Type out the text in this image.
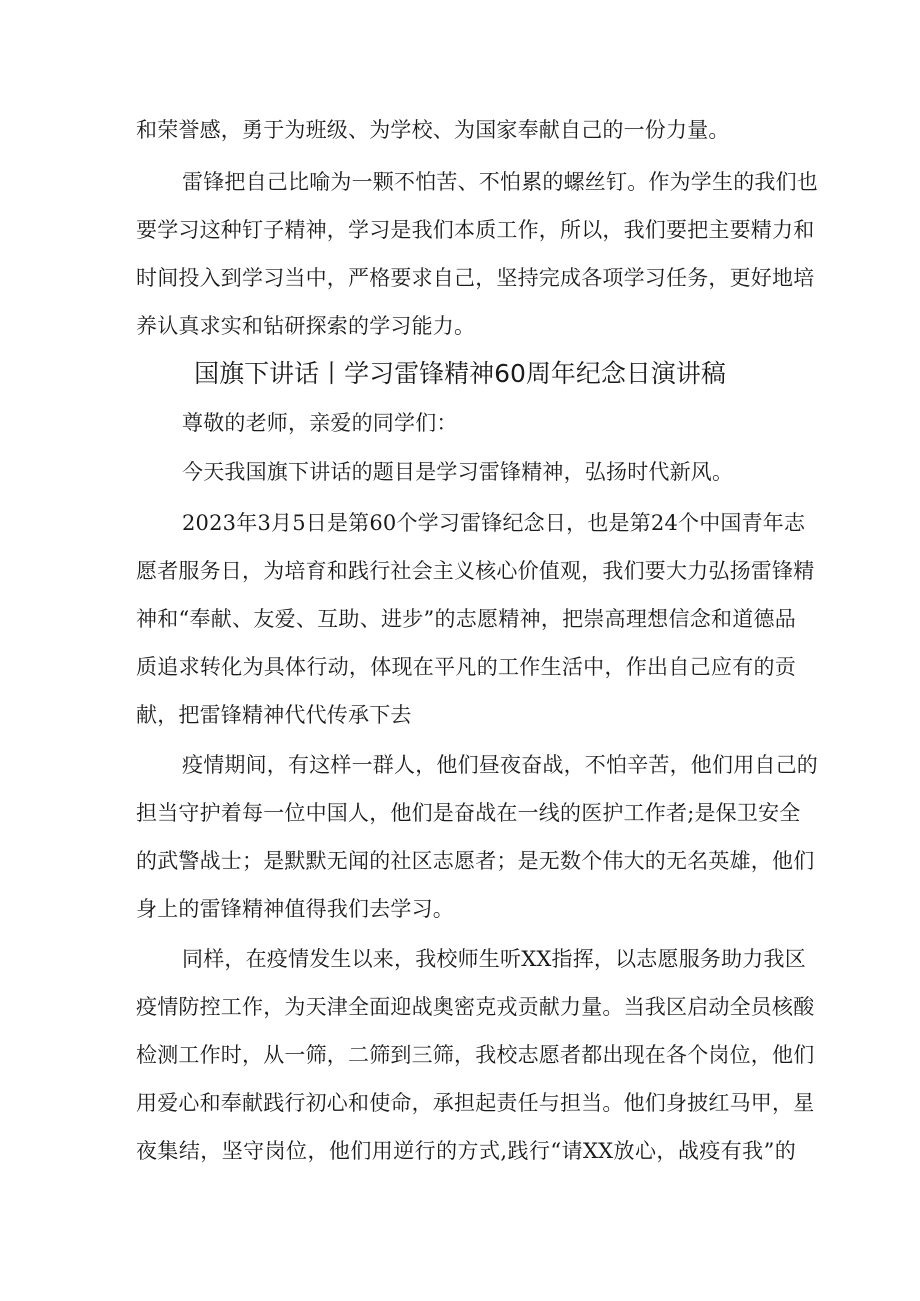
和荣誉感，勇于为班级、为学校、为国家奉献自己的一份力量。
雷锋把自己比喻为一颗不怕苦、不怕累的螺丝钉。作为学生的我们也
要学习这种钉子精神，学习是我们本质工作，所以，我们要把主要精力和
时间投入到学习当中，严格要求自己，坚持完成各项学习任务，更好地培
养认真求实和钻研探索的学习能力。
国旗下讲话丨学习雷锋精神60周年纪念日演讲稿
尊敬的老师，亲爱的同学们：
今天我国旗下讲话的题目是学习雷锋精神，弘扬时代新风。
2023年3月5日是第60个学习雷锋纪念日，也是第24个中国青年志
愿者服务日，为培育和践行社会主义核心价值观，我们要大力弘扬雷锋精
神和“奉献、友爱、互助、进步”的志愿精神，把崇高理想信念和道德品
质追求转化为具体行动，体现在平凡的工作生活中，作出自己应有的贡
献，把雷锋精神代代传承下去
疫情期间，有这样一群人，他们昼夜奋战，不怕辛苦，他们用自己的
担当守护着每一位中国人，他们是奋战在一线的医护工作者;是保卫安全
的武警战士；是默默无闻的社区志愿者；是无数个伟大的无名英雄，他们
身上的雷锋精神值得我们去学习。
同样，在疫情发生以来，我校师生听XX指挥，以志愿服务助力我区
疫情防控工作，为天津全面迎战奥密克戎贡献力量。当我区启动全员核酸
检测工作时，从一筛，二筛到三筛，我校志愿者都出现在各个岗位，他们
用爱心和奉献践行初心和使命，承担起责任与担当。他们身披红马甲，星
夜集结，坚守岗位，他们用逆行的方式,践行“请XX放心，战疫有我”的
